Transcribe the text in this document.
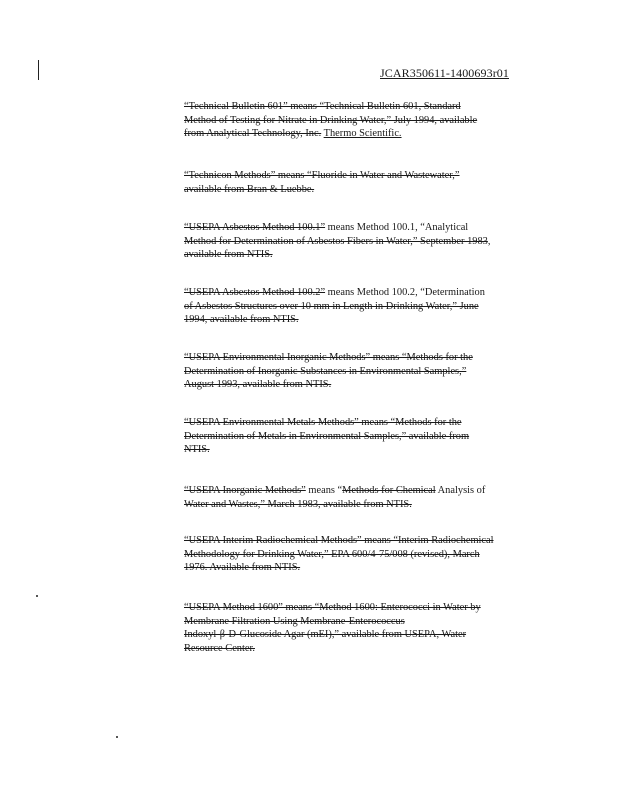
JCAR350611-1400693r01
“Technical Bulletin 601” means “Technical Bulletin 601, Standard
Method of Testing for Nitrate in Drinking Water,” July 1994, available
from Analytical Technology, Inc. Thermo Scientific.
“Technicon Methods” means “Fluoride in Water and Wastewater,”
available from Bran & Luebbe.
“USEPA Asbestos Method 100.1” means Method 100.1, “Analytical
Method for Determination of Asbestos Fibers in Water,” September 1983,
available from NTIS.
“USEPA Asbestos Method 100.2” means Method 100.2, “Determination
of Asbestos Structures over 10 mm in Length in Drinking Water,” June
1994, available from NTIS.
“USEPA Environmental Inorganic Methods” means “Methods for the
Determination of Inorganic Substances in Environmental Samples,”
August 1993, available from NTIS.
“USEPA Environmental Metals Methods” means “Methods for the
Determination of Metals in Environmental Samples,” available from
NTIS.
“USEPA Inorganic Methods” means “Methods for Chemical Analysis of
Water and Wastes,” March 1983, available from NTIS.
“USEPA Interim Radiochemical Methods” means “Interim Radiochemical
Methodology for Drinking Water,” EPA 600/4-75/008 (revised), March
1976. Available from NTIS.
“USEPA Method 1600” means “Method 1600: Enterococci in Water by
Membrane Filtration Using Membrane-Enterococcus
Indoxyl-β-D-Glucoside Agar (mEI),” available from USEPA, Water
Resource Center.
